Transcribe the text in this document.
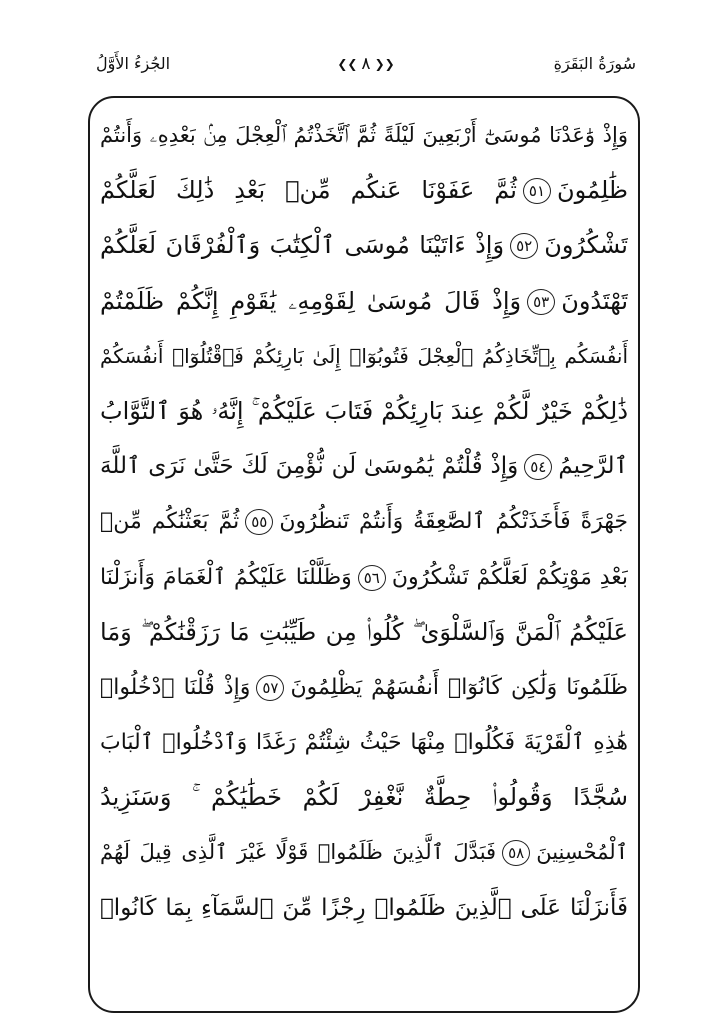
سُورَةُ البَقَرَةِ
❮❮ ٨ ❯❯
الجُزءُ الأَوَّلُ
وَإِذْ وَٰعَدْنَا مُوسَىٰٓ أَرْبَعِينَ لَيْلَةً ثُمَّ ٱتَّخَذْتُمُ ٱلْعِجْلَ مِنۢ بَعْدِهِۦ وَأَنتُمْ
ظَٰلِمُونَ٥١ثُمَّ عَفَوْنَا عَنكُم مِّنۢ بَعْدِ ذَٰلِكَ لَعَلَّكُمْ
تَشْكُرُونَ٥٢وَإِذْ ءَاتَيْنَا مُوسَى ٱلْكِتَٰبَ وَٱلْفُرْقَانَ لَعَلَّكُمْ
تَهْتَدُونَ٥٣وَإِذْ قَالَ مُوسَىٰ لِقَوْمِهِۦ يَٰقَوْمِ إِنَّكُمْ ظَلَمْتُمْ
أَنفُسَكُم بِٱتِّخَاذِكُمُ ٱلْعِجْلَ فَتُوبُوٓا۟ إِلَىٰ بَارِئِكُمْ فَٱقْتُلُوٓا۟ أَنفُسَكُمْ
ذَٰلِكُمْ خَيْرٌ لَّكُمْ عِندَ بَارِئِكُمْ فَتَابَ عَلَيْكُمْ ۚ إِنَّهُۥ هُوَ ٱلتَّوَّابُ
ٱلرَّحِيمُ٥٤وَإِذْ قُلْتُمْ يَٰمُوسَىٰ لَن نُّؤْمِنَ لَكَ حَتَّىٰ نَرَى ٱللَّهَ
جَهْرَةً فَأَخَذَتْكُمُ ٱلصَّٰعِقَةُ وَأَنتُمْ تَنظُرُونَ٥٥ثُمَّ بَعَثْنَٰكُم مِّنۢ
بَعْدِ مَوْتِكُمْ لَعَلَّكُمْ تَشْكُرُونَ٥٦وَظَلَّلْنَا عَلَيْكُمُ ٱلْغَمَامَ وَأَنزَلْنَا
عَلَيْكُمُ ٱلْمَنَّ وَٱلسَّلْوَىٰ ۖ كُلُوا۟ مِن طَيِّبَٰتِ مَا رَزَقْنَٰكُمْ ۖ وَمَا
ظَلَمُونَا وَلَٰكِن كَانُوٓا۟ أَنفُسَهُمْ يَظْلِمُونَ٥٧وَإِذْ قُلْنَا ٱدْخُلُوا۟
هَٰذِهِ ٱلْقَرْيَةَ فَكُلُوا۟ مِنْهَا حَيْثُ شِئْتُمْ رَغَدًا وَٱدْخُلُوا۟ ٱلْبَابَ
سُجَّدًا وَقُولُوا۟ حِطَّةٌ نَّغْفِرْ لَكُمْ خَطَٰيَٰكُمْ ۚ وَسَنَزِيدُ
ٱلْمُحْسِنِينَ٥٨فَبَدَّلَ ٱلَّذِينَ ظَلَمُوا۟ قَوْلًا غَيْرَ ٱلَّذِى قِيلَ لَهُمْ
فَأَنزَلْنَا عَلَى ٱلَّذِينَ ظَلَمُوا۟ رِجْزًا مِّنَ ٱلسَّمَآءِ بِمَا كَانُوا۟
